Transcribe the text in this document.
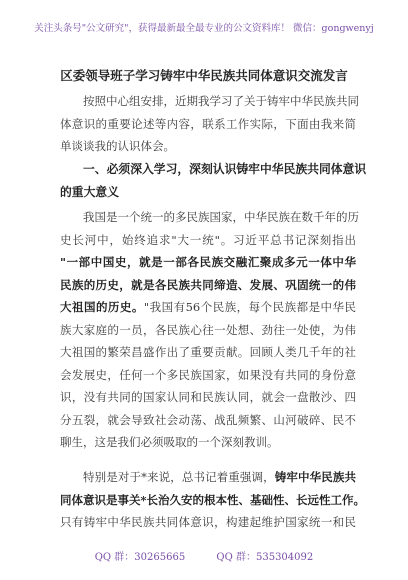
关注头条号"公文研究"，获得最新最全最专业的公文资料库！ 微信：gongwenyj
区委领导班子学习铸牢中华民族共同体意识交流发言
按照中心组安排，近期我学习了关于铸牢中华民族共同
体意识的重要论述等内容，联系工作实际，下面由我来简
单谈谈我的认识体会。
一、必须深入学习，深刻认识铸牢中华民族共同体意识
的重大意义
我国是一个统一的多民族国家，中华民族在数千年的历
史长河中，始终追求"大一统"。习近平总书记深刻指出
"一部中国史，就是一部各民族交融汇聚成多元一体中华
民族的历史，就是各民族共同缔造、发展、巩固统一的伟
大祖国的历史。"我国有56个民族，每个民族都是中华民
族大家庭的一员，各民族心往一处想、劲往一处使，为伟
大祖国的繁荣昌盛作出了重要贡献。回顾人类几千年的社
会发展史，任何一个多民族国家，如果没有共同的身份意
识，没有共同的国家认同和民族认同，就会一盘散沙、四
分五裂，就会导致社会动荡、战乱频繁、山河破碎、民不
聊生，这是我们必须吸取的一个深刻教训。
特别是对于*来说，总书记着重强调，铸牢中华民族共
同体意识是事关*长治久安的根本性、基础性、长远性工作。
只有铸牢中华民族共同体意识，构建起维护国家统一和民
QQ 群：30265665	QQ 群：535304092
